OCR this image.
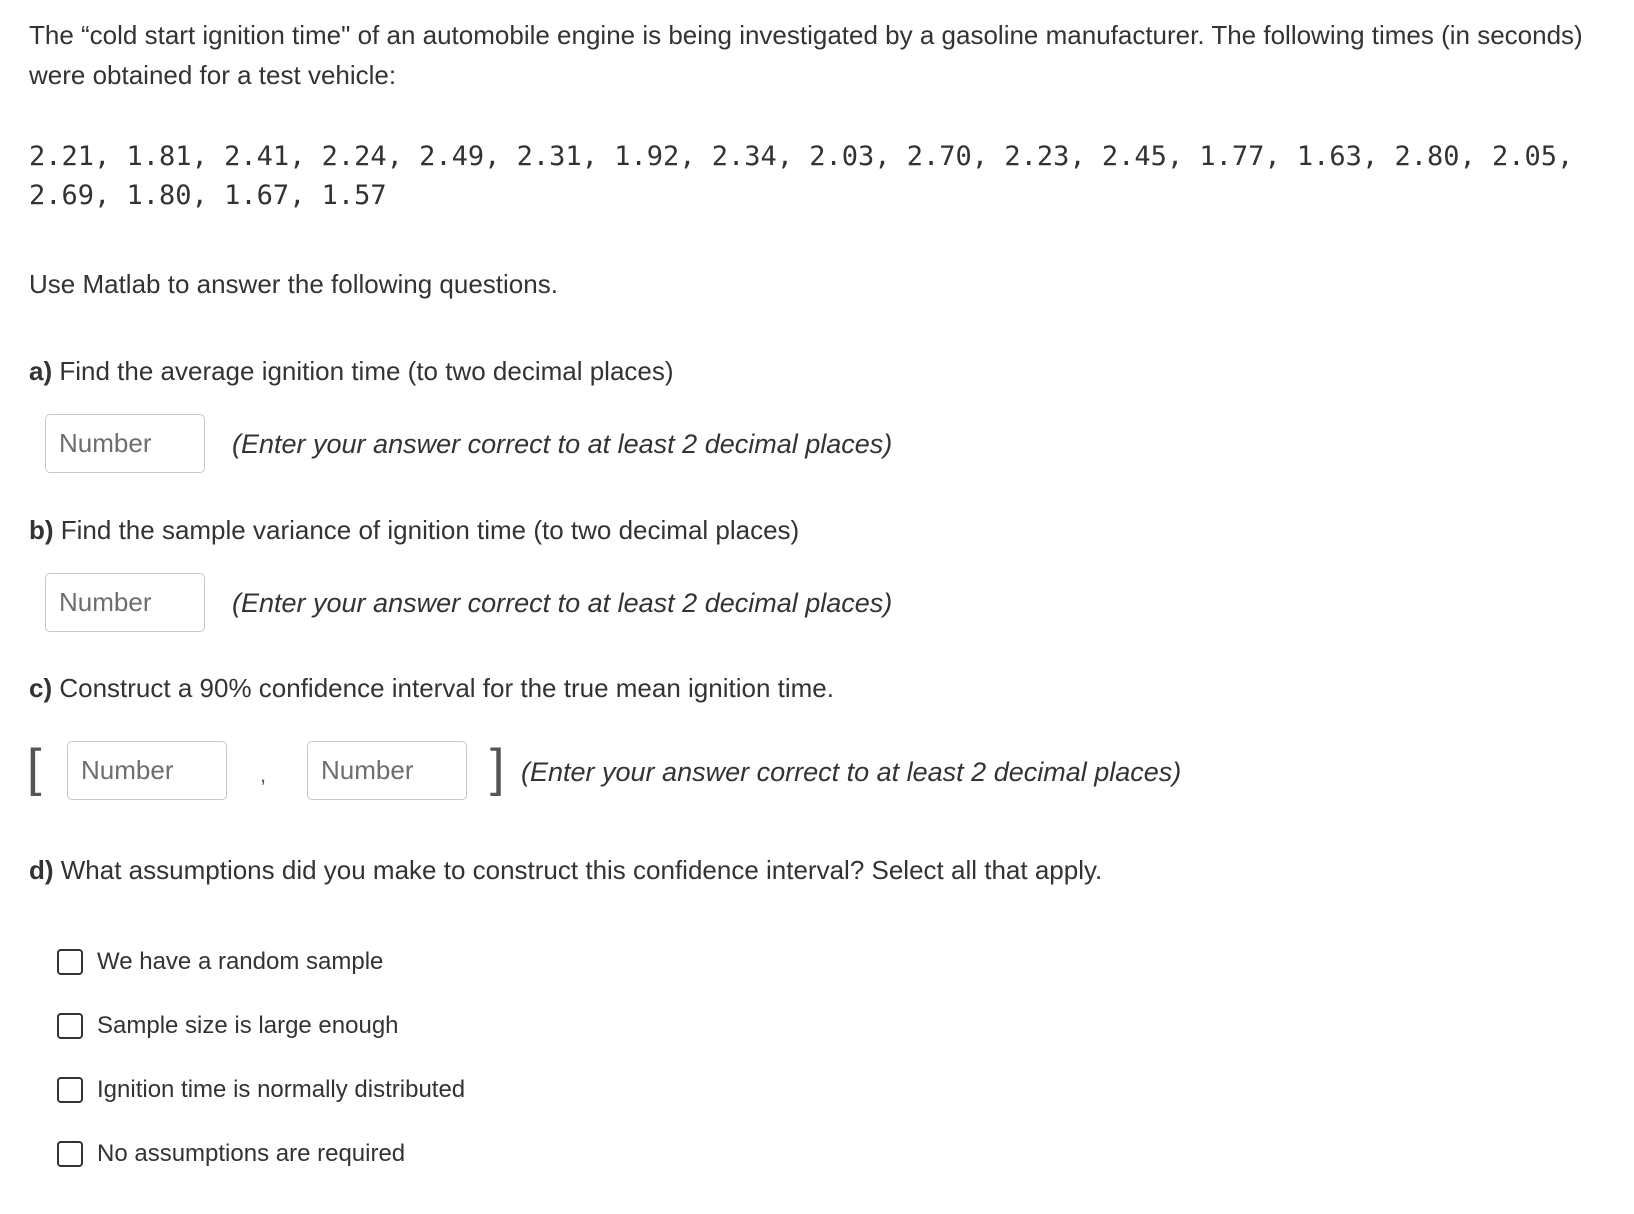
The “cold start ignition time" of an automobile engine is being investigated by a gasoline manufacturer. The following times (in seconds) were obtained for a test vehicle:
2.21, 1.81, 2.41, 2.24, 2.49, 2.31, 1.92, 2.34, 2.03, 2.70, 2.23, 2.45, 1.77, 1.63, 2.80, 2.05,
2.69, 1.80, 1.67, 1.57
Use Matlab to answer the following questions.
a) Find the average ignition time (to two decimal places)
Number
(Enter your answer correct to at least 2 decimal places)
b) Find the sample variance of ignition time (to two decimal places)
Number
(Enter your answer correct to at least 2 decimal places)
c) Construct a 90% confidence interval for the true mean ignition time.
[
Number	,
Number	] (Enter your answer correct to at least 2 decimal places)
d) What assumptions did you make to construct this confidence interval? Select all that apply.
We have a random sample
Sample size is large enough
Ignition time is normally distributed
No assumptions are required
